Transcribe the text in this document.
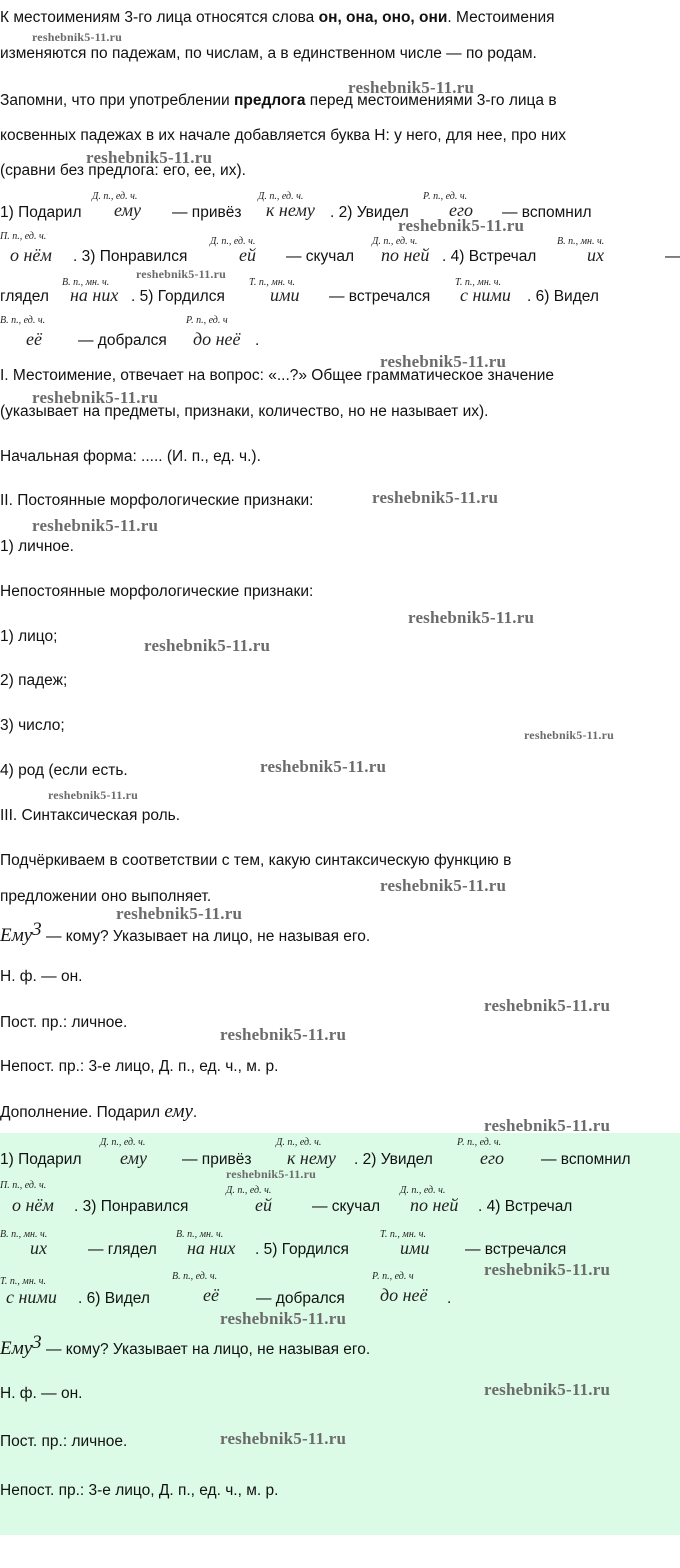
К местоимениям 3-го лица относятся слова он, она, оно, они. Местоимения
изменяются по падежам, по числам, а в единственном числе — по родам.
Запомни, что при употреблении предлога перед местоимениями 3-го лица в
косвенных падежах в их начале добавляется буква Н: у него, для нее, про них
(сравни без предлога: его, ее, их).
Д. п., ед. ч.	Д. п., ед. ч.	Р. п., ед. ч.
1) Подарил ему — привёз к нему . 2) Увидел его — вспомнил
П. п., ед. ч.	Д. п., ед. ч.	Д. п., ед. ч.	В. п., мн. ч.
о нём . 3) Понравился	ей — скучал по ней . 4) Встречал	их	—
В. п., мн. ч.	Т. п., мн. ч.	Т. п., мн. ч.
глядел на них . 5) Гордился	ими — встречался с ними . 6) Видел
В. п., ед. ч.	Р. п., ед. ч
её — добрался до неё .
I. Местоимение, отвечает на вопрос: «...?» Общее грамматическое значение
(указывает на предметы, признаки, количество, но не называет их).
Начальная форма: ..... (И. п., ед. ч.).
II. Постоянные морфологические признаки:
1) личное.
Непостоянные морфологические признаки:
1) лицо;
2) падеж;
3) число;
4) род (если есть.
III. Синтаксическая роль.
Подчёркиваем в соответствии с тем, какую синтаксическую функцию в
предложении оно выполняет.
Ему$^3$ — кому? Указывает на лицо, не называя его.
Н. ф. — он.
Пост. пр.: личное.
Непост. пр.: 3-е лицо, Д. п., ед. ч., м. р.
Дополнение. Подарил ему.
Д. п., ед. ч.	Д. п., ед. ч.	Р. п., ед. ч.
1) Подарил ему — привёз к нему . 2) Увидел	его — вспомнил
П. п., ед. ч.	Д. п., ед. ч.	Д. п., ед. ч.
о нём . 3) Понравился	ей	— скучал по ней . 4) Встречал
В. п., мн. ч.	В. п., мн. ч.	Т. п., мн. ч.
их	— глядел на них . 5) Гордился	ими — встречался
Т. п., мн. ч.	В. п., ед. ч.	Р. п., ед. ч
с ними . 6) Видел	её — добрался до неё .
Ему$^3$ — кому? Указывает на лицо, не называя его.
Н. ф. — он.
Пост. пр.: личное.
Непост. пр.: 3-е лицо, Д. п., ед. ч., м. р.
reshebnik5-11.ru
reshebnik5-11.ru
reshebnik5-11.ru
reshebnik5-11.ru
reshebnik5-11.ru
reshebnik5-11.ru
reshebnik5-11.ru
reshebnik5-11.ru
reshebnik5-11.ru
reshebnik5-11.ru
reshebnik5-11.ru
reshebnik5-11.ru
reshebnik5-11.ru
reshebnik5-11.ru
reshebnik5-11.ru
reshebnik5-11.ru
reshebnik5-11.ru
reshebnik5-11.ru
reshebnik5-11.ru
reshebnik5-11.ru
reshebnik5-11.ru
reshebnik5-11.ru
reshebnik5-11.ru
reshebnik5-11.ru
